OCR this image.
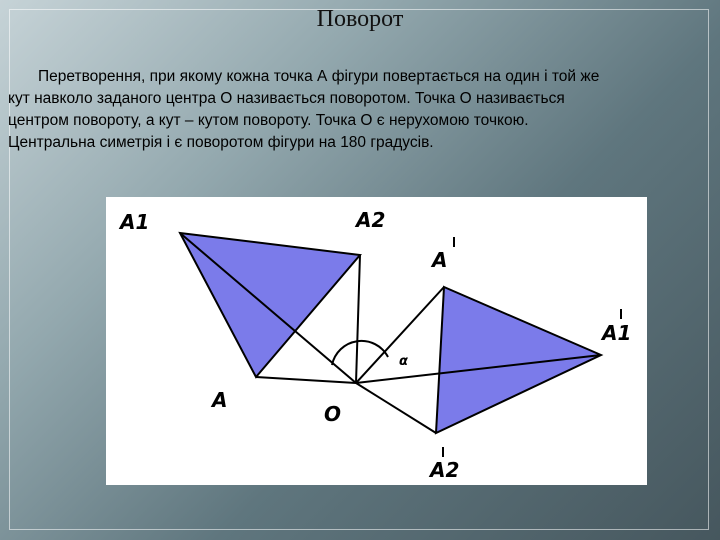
Поворот

Перетворення, при якому кожна точка А фігури повертається на один і той же
кут навколо заданого центра О називається поворотом. Точка О називається
центром повороту, а кут – кутом повороту. Точка О є нерухомою точкою.
Центральна симетрія і є поворотом фігури на 180 градусів.

A1	A2
A
A1
A
O
A2
α
